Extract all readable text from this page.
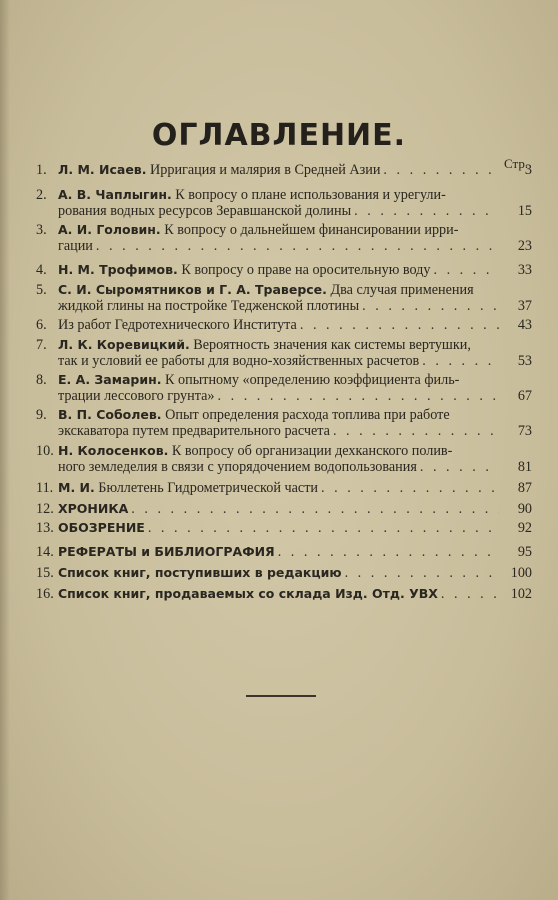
ОГЛАВЛЕНИЕ.
Стр.
1. Л. М. Исаев. Ирригация и малярия в Средней Азии . . .	3
2. А. В. Чаплыгин. К вопросу о плане использования и урегули-
рования водных ресурсов Зеравшанской долины . . .	15
3. А. И. Головин. К вопросу о дальнейшем финансировании ирри-
гации . . .	23
4. Н. М. Трофимов. К вопросу о праве на оросительную воду . . .	33
5. С. И. Сыромятников и Г. А. Траверсе. Два случая применения
жидкой глины на постройке Теджeнской плотины . . .	37
6. Из работ Гедротехнического Института . . .	43
7. Л. К. Коревицкий. Вероятность значения как системы вертушки,
так и условий ее работы для водно-хозяйственных расчетов . . .	53
8. Е. А. Замарин. К опытному «определению коэффициента филь-
трации лессового грунта» . . .	67
9. В. П. Соболев. Опыт определения расхода топлива при работе
экскаватора путем предварительного расчета . . .	73
10. Н. Колосенков. К вопросу об организации дехканского полив-
ного земледелия в связи с упорядочением водопользования . . .	81
11. М. И. Бюллетень Гидрометрической части . . .	87
12. ХРОНИКА . . .	90
13. ОБОЗРЕНИЕ . . .	92
14. РЕФЕРАТЫ и БИБЛИОГРАФИЯ . . .	95
15. Список книг, поступивших в редакцию . . .	100
16. Список книг, продаваемых со склада Изд. Отд. УВХ . . .	102
